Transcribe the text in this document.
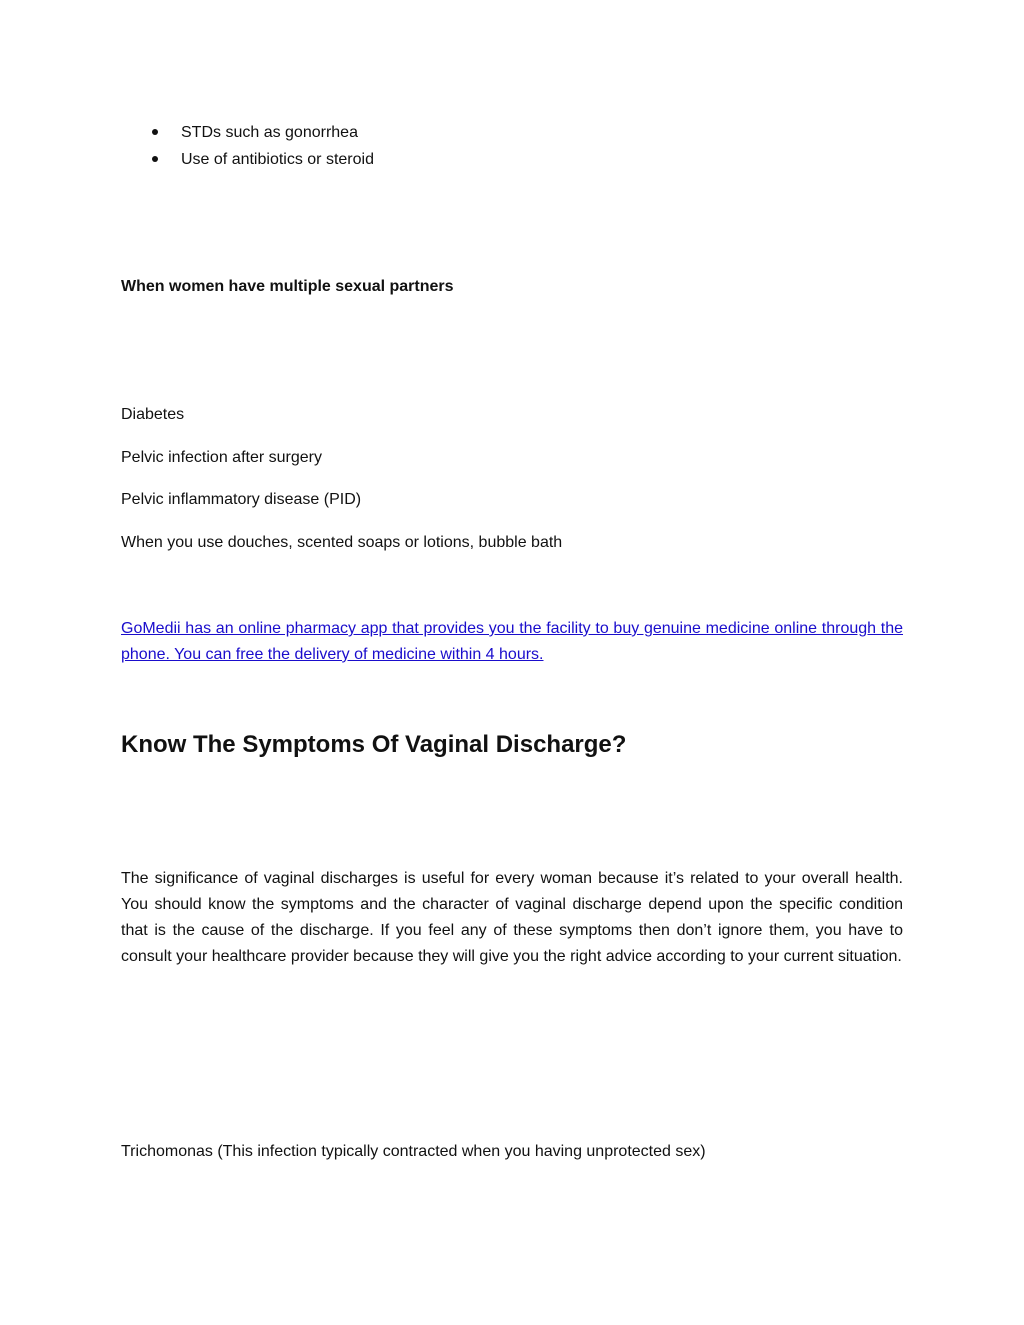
STDs such as gonorrhea
Use of antibiotics or steroid
When women have multiple sexual partners
Diabetes
Pelvic infection after surgery
Pelvic inflammatory disease (PID)
When you use douches, scented soaps or lotions, bubble bath
GoMedii has an online pharmacy app that provides you the facility to buy genuine medicine online through the phone. You can free the delivery of medicine within 4 hours.
Know The Symptoms Of Vaginal Discharge?
The significance of vaginal discharges is useful for every woman because it’s related to your overall health. You should know the symptoms and the character of vaginal discharge depend upon the specific condition that is the cause of the discharge. If you feel any of these symptoms then don’t ignore them, you have to consult your healthcare provider because they will give you the right advice according to your current situation.
Trichomonas (This infection typically contracted when you having unprotected sex)
